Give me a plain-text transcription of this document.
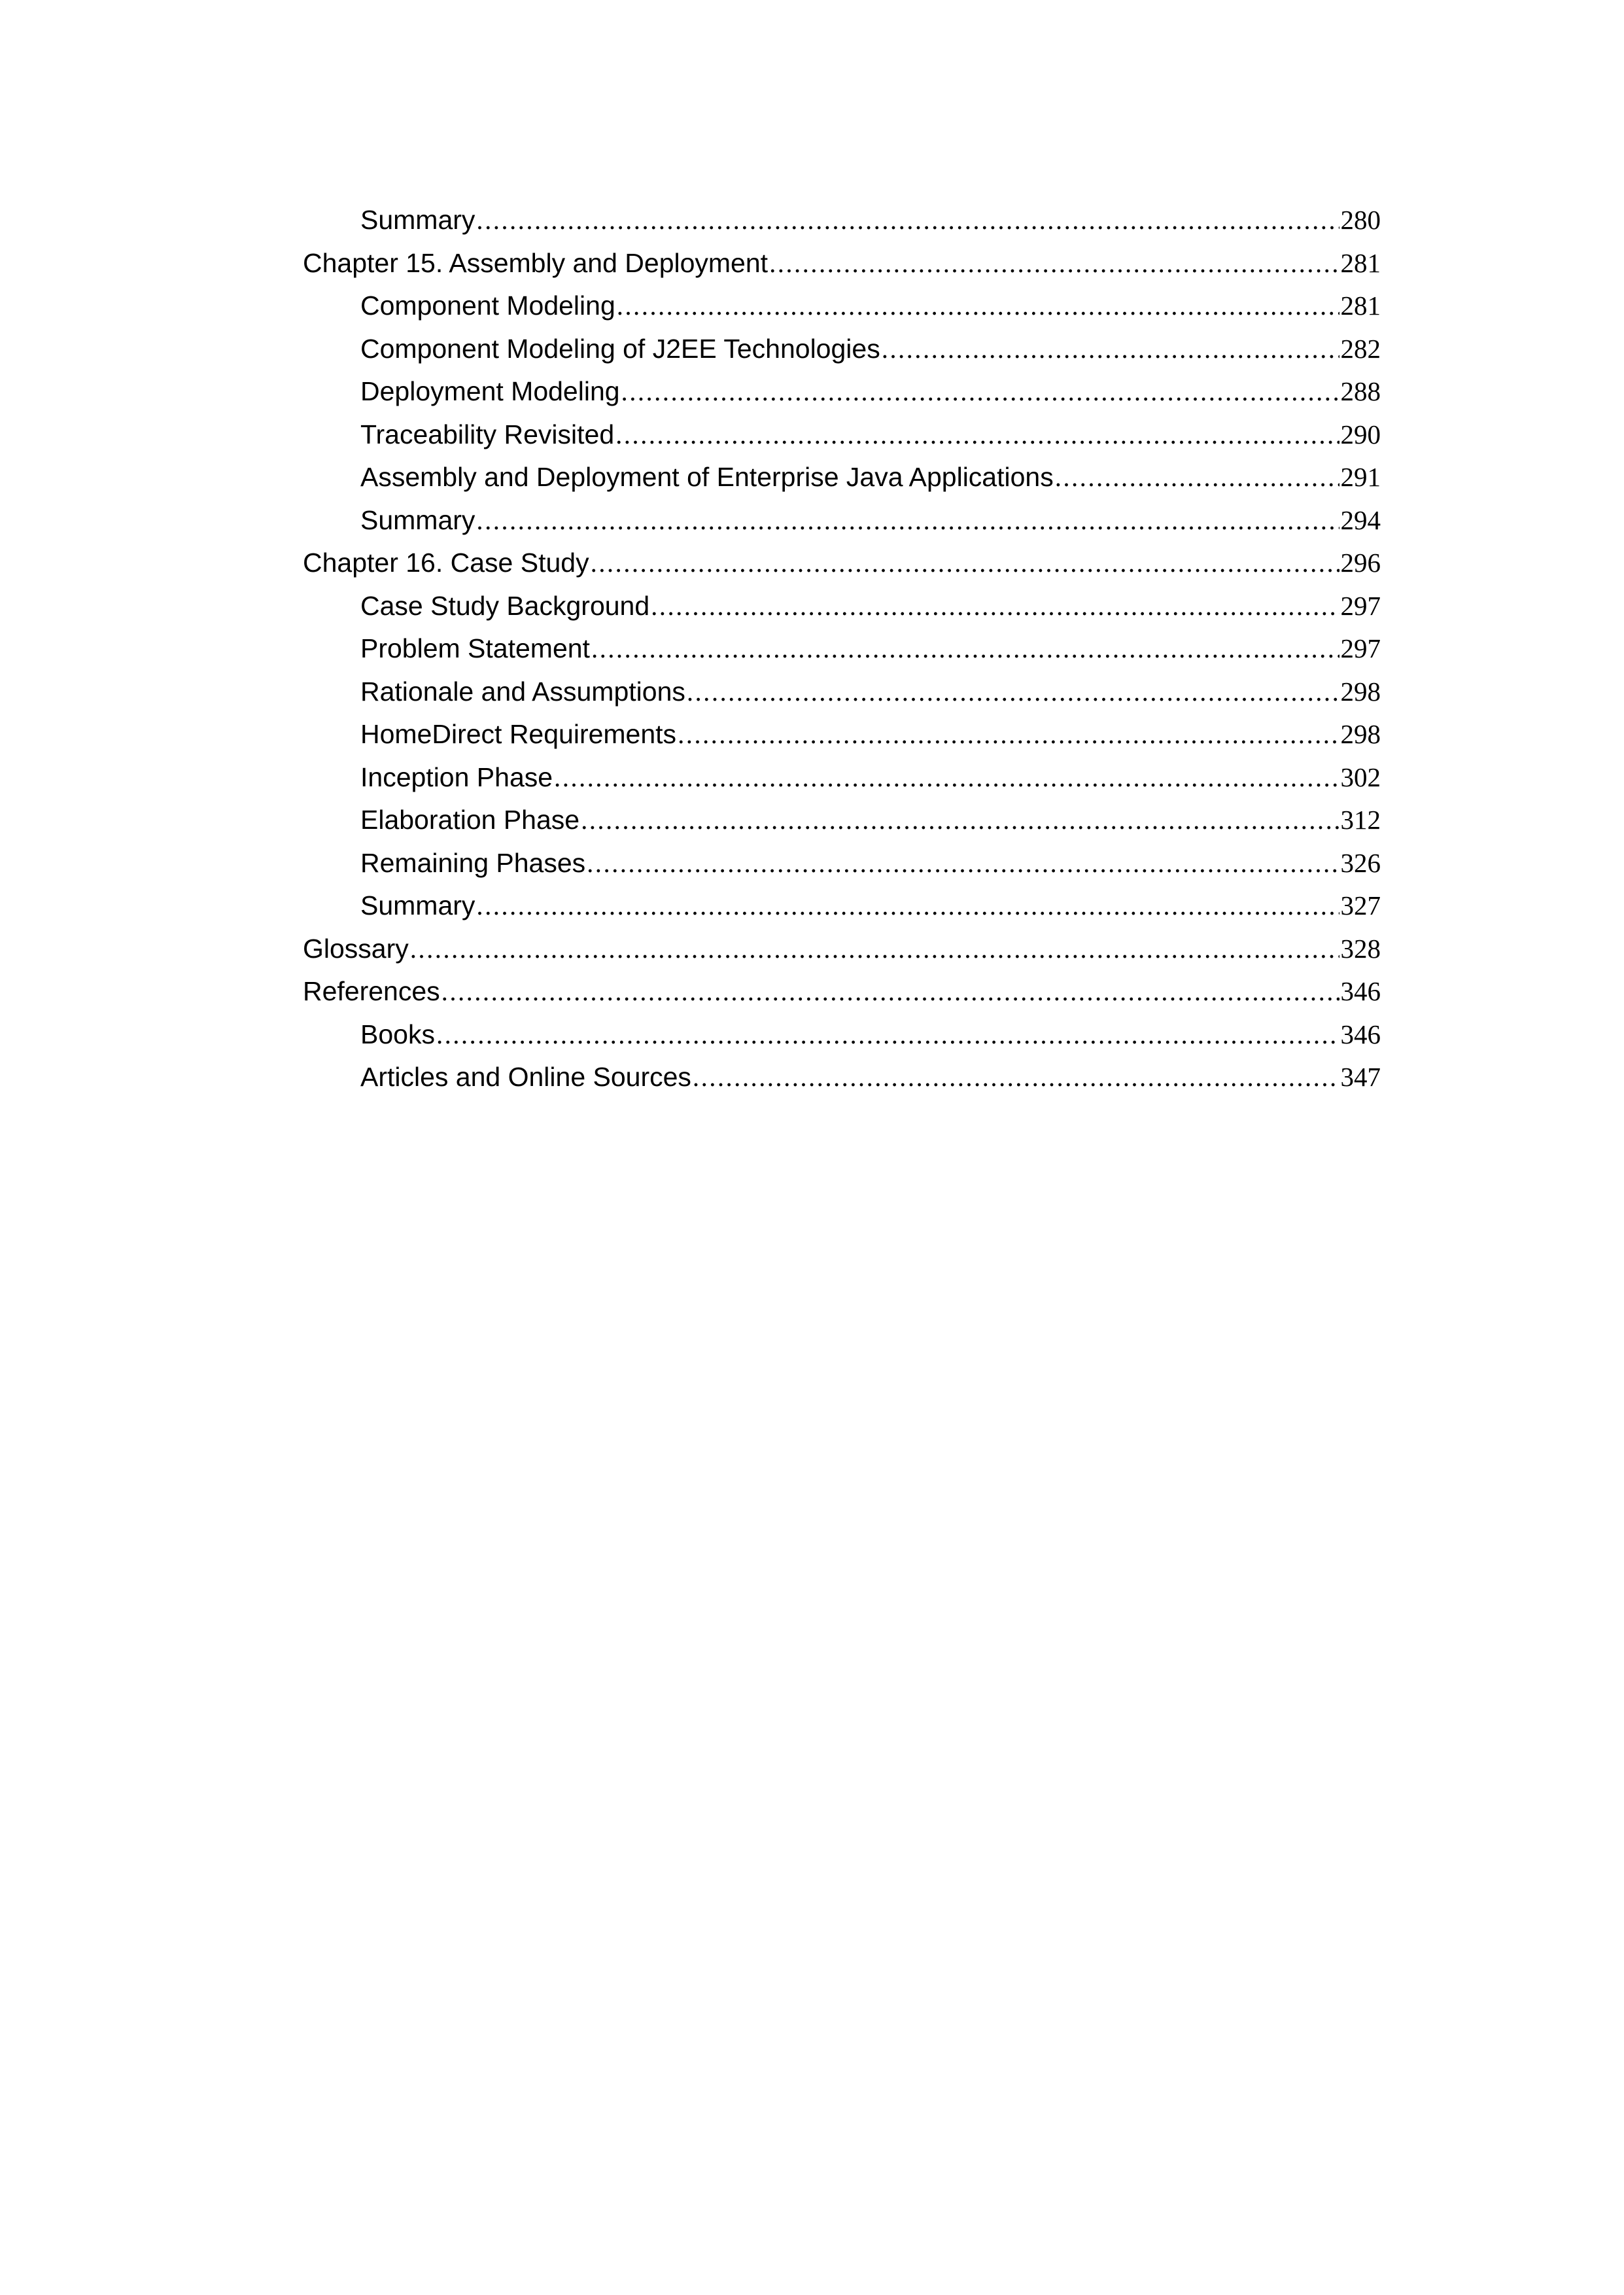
Summary .....	280
Chapter 15. Assembly and Deployment .....	281
Component Modeling .....	281
Component Modeling of J2EE Technologies .....	282
Deployment Modeling .....	288
Traceability Revisited .....	290
Assembly and Deployment of Enterprise Java Applications .....	291
Summary .....	294
Chapter 16. Case Study .....	296
Case Study Background .....	297
Problem Statement .....	297
Rationale and Assumptions .....	298
HomeDirect Requirements .....	298
Inception Phase .....	302
Elaboration Phase .....	312
Remaining Phases .....	326
Summary .....	327
Glossary .....	328
References .....	346
Books .....	346
Articles and Online Sources .....	347
